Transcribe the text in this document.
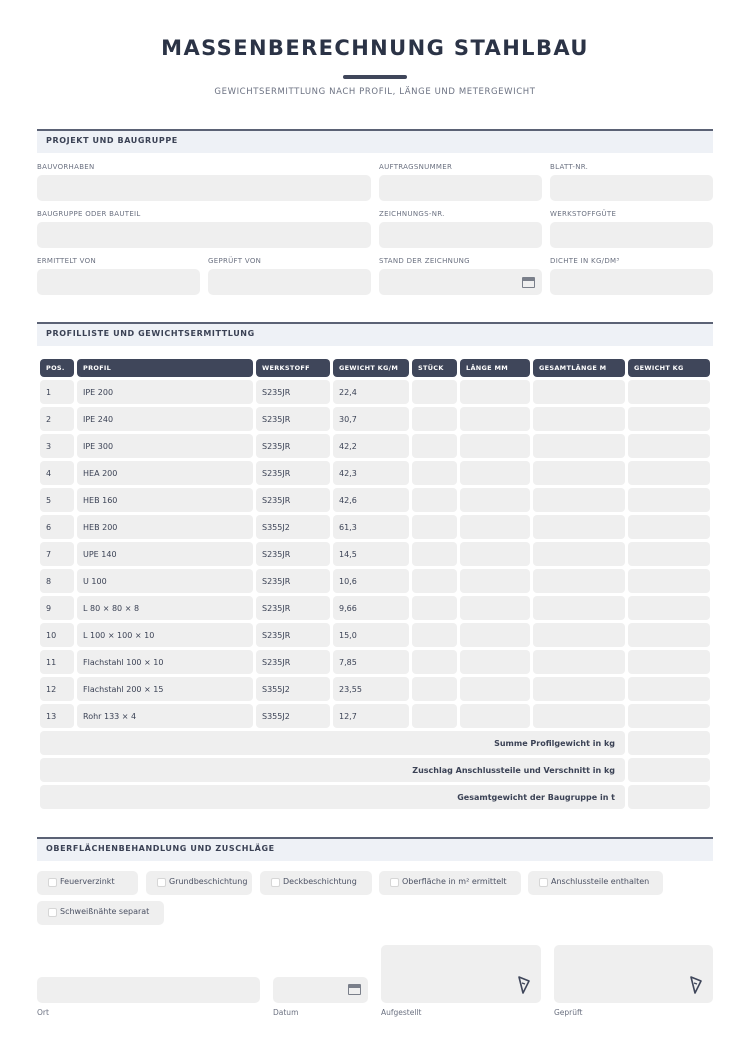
MASSENBERECHNUNG STAHLBAU
GEWICHTSERMITTLUNG NACH PROFIL, LÄNGE UND METERGEWICHT
PROJEKT UND BAUGRUPPE
BAUVORHABEN	AUFTRAGSNUMMER	BLATT-NR.
BAUGRUPPE ODER BAUTEIL	ZEICHNUNGS-NR.	WERKSTOFFGÜTE
ERMITTELT VON	GEPRÜFT VON	STAND DER ZEICHNUNG	DICHTE IN KG/DM³
PROFILLISTE UND GEWICHTSERMITTLUNG
POS.	PROFIL	WERKSTOFF	GEWICHT KG/M	STÜCK	LÄNGE MM	GESAMTLÄNGE M	GEWICHT KG
1	IPE 200	S235JR	22,4				
2	IPE 240	S235JR	30,7				
3	IPE 300	S235JR	42,2				
4	HEA 200	S235JR	42,3				
5	HEB 160	S235JR	42,6				
6	HEB 200	S355J2	61,3				
7	UPE 140	S235JR	14,5				
8	U 100	S235JR	10,6				
9	L 80 × 80 × 8	S235JR	9,66				
10	L 100 × 100 × 10	S235JR	15,0				
11	Flachstahl 100 × 10	S235JR	7,85				
12	Flachstahl 200 × 15	S355J2	23,55				
13	Rohr 133 × 4	S355J2	12,7				
Summe Profilgewicht in kg							
Zuschlag Anschlussteile und Verschnitt in kg							
Gesamtgewicht der Baugruppe in t							
OBERFLÄCHENBEHANDLUNG UND ZUSCHLÄGE
Feuerverzinkt	Grundbeschichtung	Deckbeschichtung	Oberfläche in m² ermittelt	Anschlussteile enthalten
Schweißnähte separat
Ort	Datum	Aufgestellt	Geprüft
